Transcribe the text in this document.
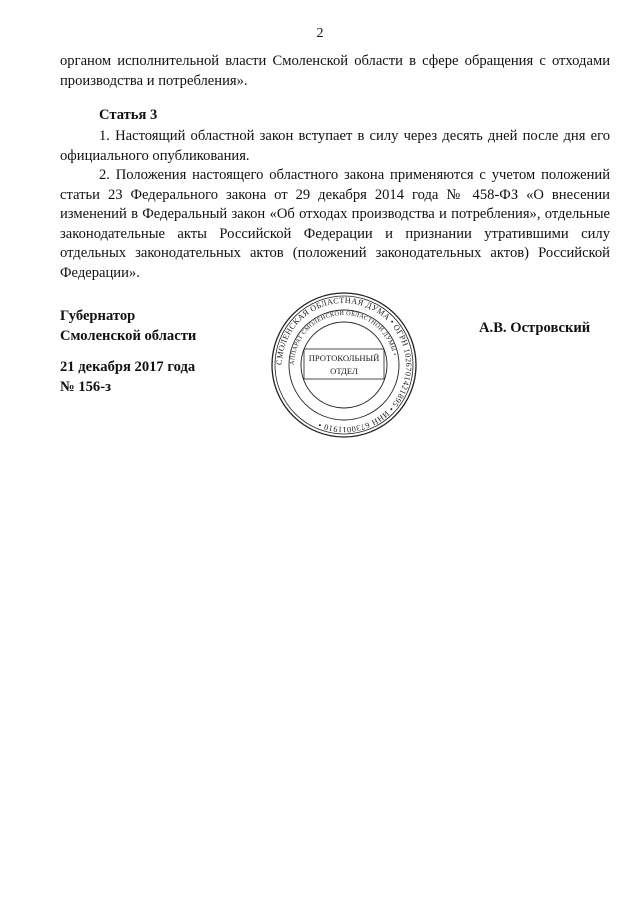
2
органом исполнительной власти Смоленской области в сфере обращения с отходами производства и потребления».
Статья 3
1. Настоящий областной закон вступает в силу через десять дней после дня его официального опубликования.
2. Положения настоящего областного закона применяются с учетом положений статьи 23 Федерального закона от 29 декабря 2014 года № 458-ФЗ «О внесении изменений в Федеральный закон «Об отходах производства и потребления», отдельные законодательные акты Российской Федерации и признании утратившими силу отдельных законодательных актов (положений законодательных актов) Российской Федерации».
Губернатор
Смоленской области
21 декабря 2017 года
№ 156-з
А.В. Островский
СМОЛЕНСКАЯ ОБЛАСТНАЯ ДУМА • ОГРН 1026701421895 • ИНН 6730011910 •
АППАРАТ СМОЛЕНСКОЙ ОБЛАСТНОЙ ДУМЫ •
ПРОТОКОЛЬНЫЙ
ОТДЕЛ
